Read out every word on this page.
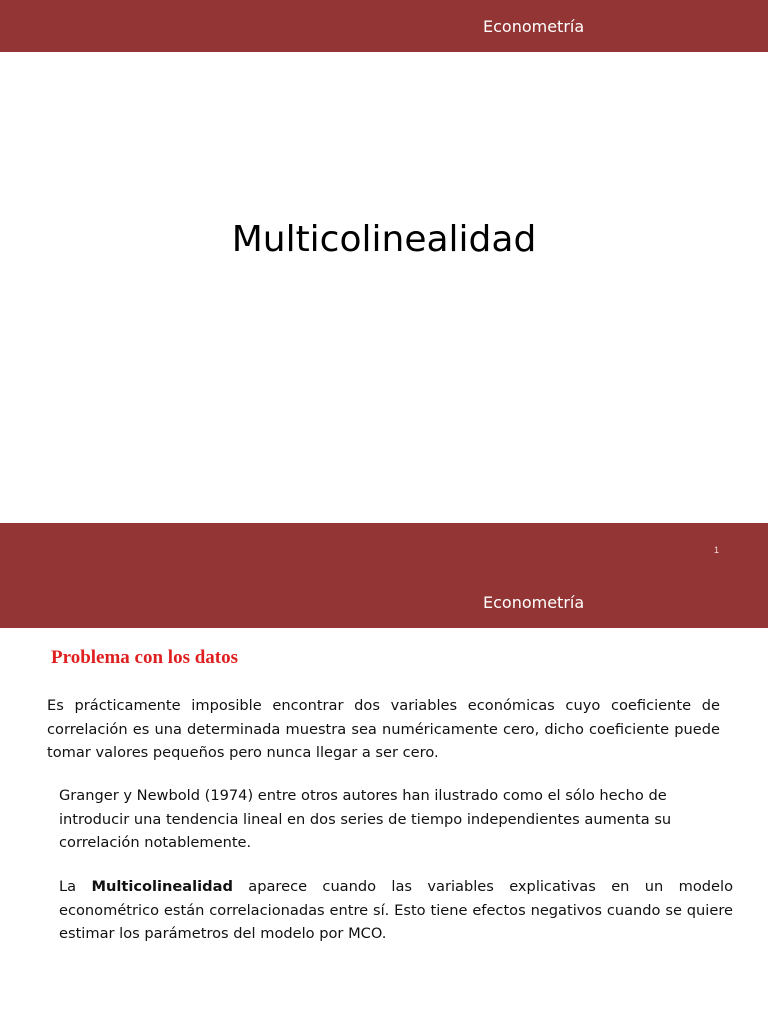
Econometría
Multicolinealidad
1
Econometría
Problema con los datos

Es prácticamente imposible encontrar dos variables económicas cuyo coeficiente de correlación es una determinada muestra sea numéricamente cero, dicho coeficiente puede tomar valores pequeños pero nunca llegar a ser cero.

Granger y Newbold (1974) entre otros autores han ilustrado como el sólo hecho de introducir una tendencia lineal en dos series de tiempo independientes aumenta su correlación notablemente.

La Multicolinealidad aparece cuando las variables explicativas en un modelo econométrico están correlacionadas entre sí. Esto tiene efectos negativos cuando se quiere estimar los parámetros del modelo por MCO.
